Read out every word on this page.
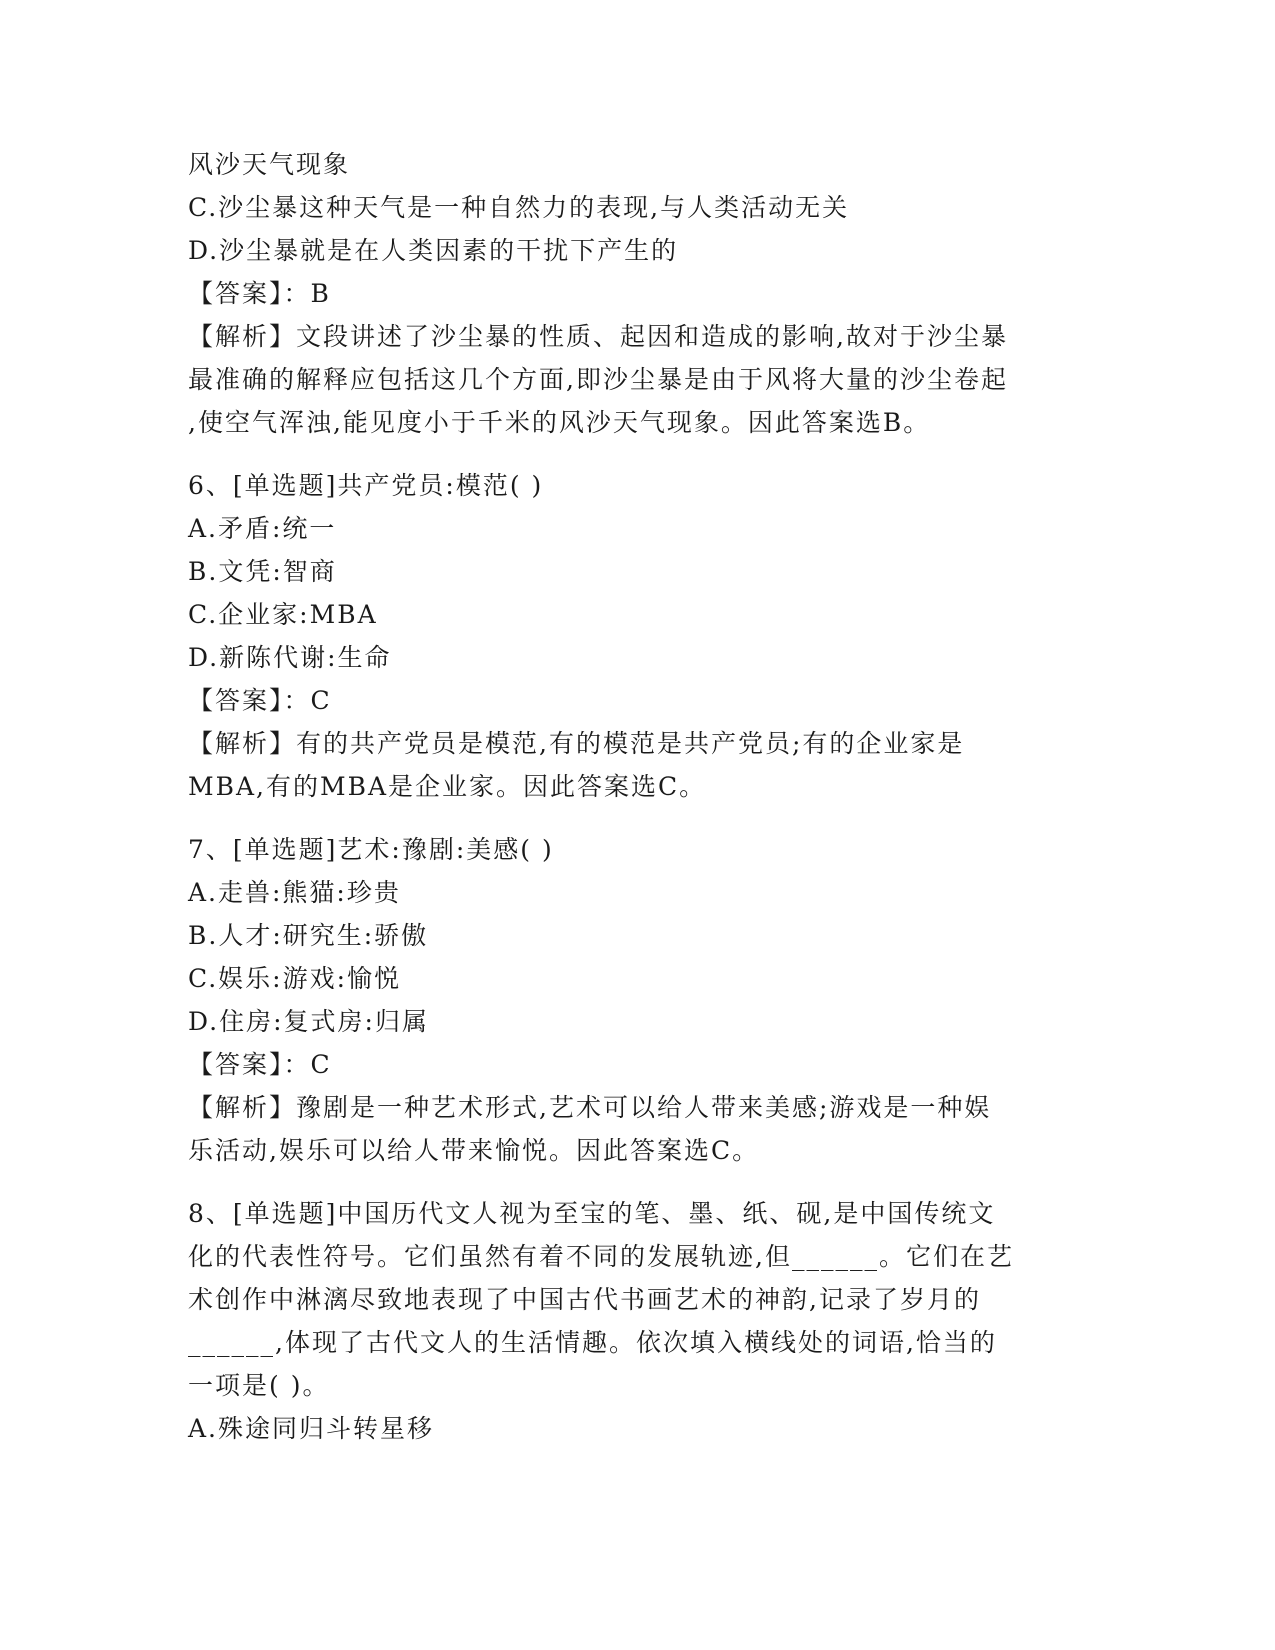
风沙天气现象
C.沙尘暴这种天气是一种自然力的表现,与人类活动无关
D.沙尘暴就是在人类因素的干扰下产生的
【答案】：B
【解析】文段讲述了沙尘暴的性质、起因和造成的影响,故对于沙尘暴
最准确的解释应包括这几个方面,即沙尘暴是由于风将大量的沙尘卷起
,使空气浑浊,能见度小于千米的风沙天气现象。因此答案选B。
6、[单选题]共产党员:模范( )
A.矛盾:统一
B.文凭:智商
C.企业家:MBA
D.新陈代谢:生命
【答案】：C
【解析】有的共产党员是模范,有的模范是共产党员;有的企业家是
MBA,有的MBA是企业家。因此答案选C。
7、[单选题]艺术:豫剧:美感( )
A.走兽:熊猫:珍贵
B.人才:研究生:骄傲
C.娱乐:游戏:愉悦
D.住房:复式房:归属
【答案】：C
【解析】豫剧是一种艺术形式,艺术可以给人带来美感;游戏是一种娱
乐活动,娱乐可以给人带来愉悦。因此答案选C。
8、[单选题]中国历代文人视为至宝的笔、墨、纸、砚,是中国传统文
化的代表性符号。它们虽然有着不同的发展轨迹,但______。它们在艺
术创作中淋漓尽致地表现了中国古代书画艺术的神韵,记录了岁月的
______,体现了古代文人的生活情趣。依次填入横线处的词语,恰当的
一项是( )。
A.殊途同归斗转星移
